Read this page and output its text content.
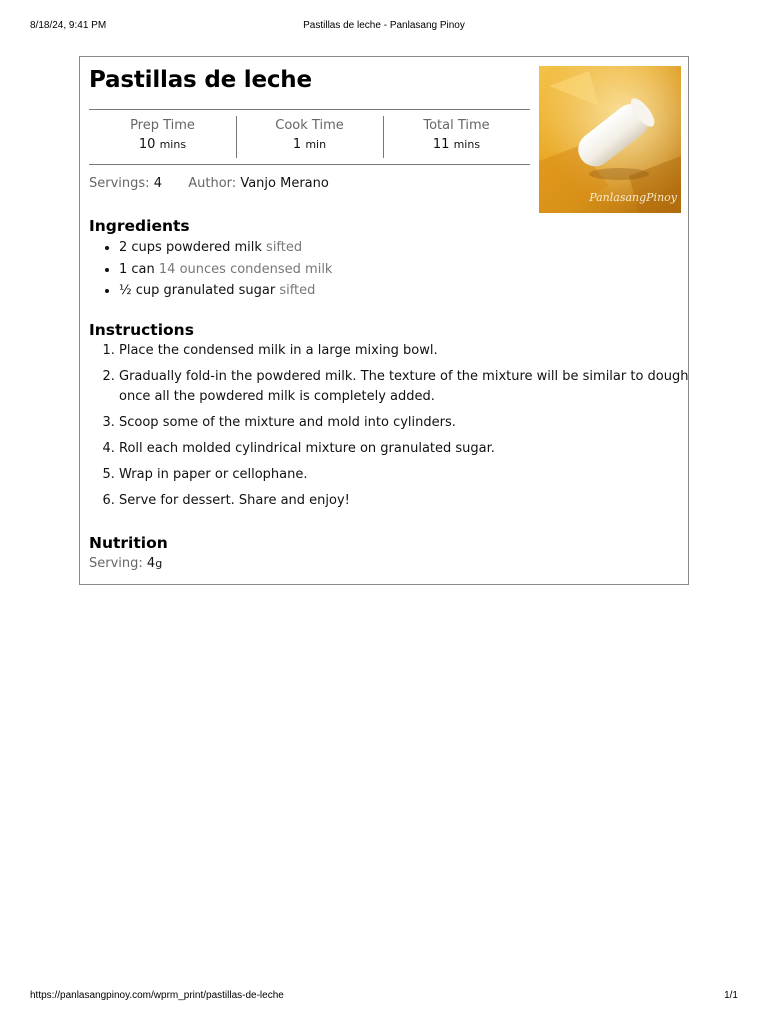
8/18/24, 9:41 PM	Pastillas de leche - Panlasang Pinoy
Pastillas de leche
PanlasangPinoy
Prep Time
10 mins
Cook Time
1 min
Total Time
11 mins
Servings: 4 Author: Vanjo Merano
Ingredients
• 2 cups powdered milk sifted
• 1 can 14 ounces condensed milk
• ½ cup granulated sugar sifted
Instructions
1. Place the condensed milk in a large mixing bowl.
2. Gradually fold-in the powdered milk. The texture of the mixture will be similar to dough once all the powdered milk is completely added.
3. Scoop some of the mixture and mold into cylinders.
4. Roll each molded cylindrical mixture on granulated sugar.
5. Wrap in paper or cellophane.
6. Serve for dessert. Share and enjoy!
Nutrition
Serving: 4g
https://panlasangpinoy.com/wprm_print/pastillas-de-leche	1/1
